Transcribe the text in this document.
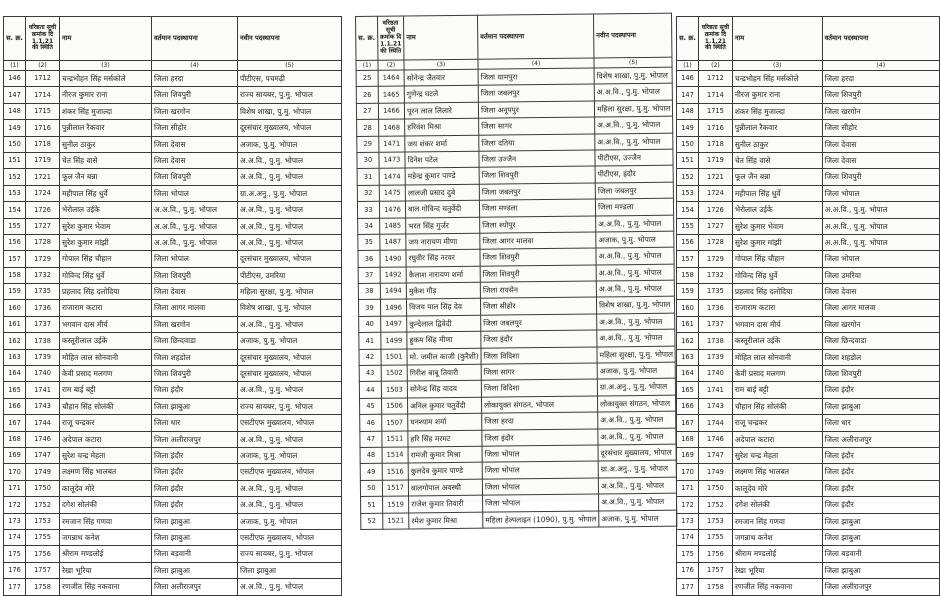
स. क्र.	वरिष्ठता सूची क्रमांक दि 1.1.21 की स्थिति	नाम	वर्तमान पदस्थापना	नवीन पदस्थापना
(1)	(2)	(3)	(4)	(5)
146	1712	चन्द्रभोहन सिंह मर्सकोले	जिला हरदा	पीटीएस, पचमढ़ी
147	1714	नीरज कुमार राना	जिला शिवपुरी	राज्य सायबर, पु.मु. भोपाल
148	1715	शंकर सिंह मुजाल्दा	जिला खरगोन	विशेष शाखा, पु.मु. भोपाल
149	1716	पुन्नीलाल रैकवार	जिला सीहोर	दूरसंचार मुख्यालय, भोपाल
150	1718	सुनील ठाकुर	जिला देवास	अजाक, पु.मु. भोपाल
151	1719	चेत सिंह वासे	जिला देवास	अ.अ.वि., पु.मु. भोपाल
152	1721	फूल जैन बन्ना	जिला शिवपुरी	अ.अ.वि., पु.मु. भोपाल
153	1724	महीपाल सिंह धुर्वे	जिला भोपाल	ग्रा.अ.अनु., पु.मु. भोपाल
154	1726	भेरोलाल उईके	अ.अ.वि., पु.मु. भोपाल	अ.अ.वि., पु.मु. भोपाल
155	1727	सुरेश कुमार भेवाम	अ.अ.वि., पु.मु. भोपाल	अ.अ.वि., पु.मु. भोपाल
156	1728	सुरेश कुमार मांझी	अ.अ.वि., पु.मु. भोपाल	अ.अ.वि., पु.मु. भोपाल
157	1729	गोपाल सिंह चौहान	जिला भोपाल	दूरसंचार मुख्यालय, भोपाल
158	1732	गोविन्द सिंह धुर्वे	जिला शिवपुरी	पीटीएस, उमरिया
159	1735	प्रहलाद सिंह दलोदिया	जिला देवास	महिला सुरक्षा, पु.मु. भोपाल
160	1736	राजाराम कटारा	जिला आगर मालवा	विशेष शाखा, पु.मु. भोपाल
161	1737	भगवान दास मीर्य	जिला खरगोन	अ.अ.वि., पु.मु. भोपाल
162	1738	कस्तूरीलाल उईके	जिला छिन्दवाडा	अजाक, पु.मु. भोपाल
163	1739	मोहित लाल सोनवानी	जिला शहडोल	दूरसंचार मुख्यालय, भोपाल
164	1740	केवी प्रसाद मलगण	जिला शिवपुरी	दूरसंचार मुख्यालय, भोपाल
165	1741	राम बाई बट्टी	जिला इंदौर	अ.अ.वि., पु.मु. भोपाल
166	1743	चौहान सिंह सोलंकी	जिला झाबुआ	राज्य सायबर, पु.मु. भोपाल
167	1744	राजू चन्द्रकर	जिला धार	एसटीएफ मुख्यालय, भोपाल
168	1746	अदेपाल कटारा	जिला अलीराजपुर	अ.अ.वि., पु.मु. भोपाल
169	1747	सुरेश चन्द्र मेहता	जिला इंदौर	अजाक, पु.मु. भोपाल
170	1749	लक्ष्मण सिंह भालबत	जिला इंदौर	एसटीएफ मुख्यालय, भोपाल
171	1750	कालूदेव मोरे	जिला इंदौर	अ.अ.वि., पु.मु. भोपाल
172	1752	दगेश सोलंकी	जिला इंदौर	अ.अ.वि., पु.मु. भोपाल
173	1753	रमजान सिंह गणवा	जिला झाबुआ	अजाक, पु.मु. भोपाल
174	1755	जगन्नाथ कनेश	जिला झाबुआ	एसटीएफ मुख्यालय, भोपाल
175	1756	श्रीराम मण्डलोई	जिला बड़वानी	राज्य सायबर, पु.मु. भोपाल
176	1757	रेखा भूरिया	जिला झाबुआ	जिला झाबुआ
177	1758	रणजीत सिंह नकवाना	जिला अलीराजपुर	अ.अ.वि., पु.मु. भोपाल
स. क्र.	वरिष्ठता सूची क्रमांक दि 1.1.21 की स्थिति	नाम	वर्तमान पदस्थापना	नवीन पदस्थापना
(1)	(2)	(3)	(4)	(5)
25	1464	सोनेन्द्र जैतवार	जिला धामपुरा	विशेष शाखा, पु.मु. भोपाल
26	1465	गुणेन्द्र घटले	जिला जबलपुर	अ.अ.वि., पु.मु. भोपाल
27	1466	पूरन लाल लिलारे	जिला अनूपपुर	महिला सुरक्षा, पु.मु. भोपाल
28	1468	हरिवंश मिश्रा	जिला सागर	अ.अ.वि., पु.मु. भोपाल
29	1471	जय शंकर शर्मा	जिला दतिया	अ.अ.वि., पु.मु. भोपाल
30	1473	दिनेश पटेल	जिला उज्जैन	पीटीएस, उज्जैन
31	1474	महेन्द्र कुमार पाण्डे	जिला शिवपुरी	पीटीएस, इंदौर
32	1475	लालजी प्रसाद दुबे	जिला जबलपुर	जिला जबलपुर
33	1476	बाल गोविन्द चतुर्वेदी	जिला मण्डला	जिला मण्डला
34	1485	भरत सिंह गुर्जर	जिला श्योपुर	अ.अ.वि., पु.मु. भोपाल
35	1487	जय नारायण मीणा	जिला आगर मालवा	अजाक, पु.मु. भोपाल
36	1490	रघुवीर सिंह नरवर	जिला शिवपुरी	अ.अ.वि., पु.मु. भोपाल
37	1492	कैलाश नारायण शर्मा	जिला शिवपुरी	अ.अ.वि., पु.मु. भोपाल
38	1494	मुकेश गौड़	जिला रायसेन	अ.अ.वि., पु.मु. भोपाल
39	1496	विजय पाल सिंह देव	जिला सीहोर	विशेष शाखा, पु.मु. भोपाल
40	1497	कुन्देलाल द्विवेदी	जिला जबलपुर	अ.अ.वि., पु.मु. भोपाल
41	1499	हुकम सिंह मीणा	जिला इंदौर	अ.अ.वि., पु.मु. भोपाल
42	1501	मो. जमील काजी (कुरैशी)	जिला विदिशा	महिला सुरक्षा, पु.मु. भोपाल
43	1502	गिरीश बाबू तिवारी	जिला सागर	अजाक, पु.मु. भोपाल
44	1503	सोनेन्द्र सिंह यादव	जिला विदिशा	ग्रा.अ.अनु., पु.मु. भोपाल
45	1506	अनिल कुमार चतुर्वेदी	लोकायुक्त संगठन, भोपाल	लोकायुक्त संगठन, भोपाल
46	1507	घनश्याम शर्मा	जिला हरदा	अ.अ.वि., पु.मु. भोपाल
47	1511	हरि सिंह मरमट	जिला इंदौर	अ.अ.वि., पु.मु. भोपाल
48	1514	रामजी कुमार मिश्रा	जिला भोपाल	दूरसंचार मुख्यालय, भोपाल
49	1516	कुलदेव कुमार पाण्डे	जिला भोपाल	ग्रा.अ.अनु., पु.मु. भोपाल
50	1517	बालगोपाल अवस्थी	जिला भोपाल	अ.अ.वि., पु.मु. भोपाल
51	1519	राजेश कुमार तिवारी	जिला भोपाल	अ.अ.वि., पु.मु. भोपाल
52	1521	रमेश कुमार मिश्रा	महिला हेल्पलाइन (1090), पु.मु. भोपाल	अजाक, पु.मु. भोपाल
स. क्र.	वरिष्ठता सूची क्रमांक दि 1.1.21 की स्थिति	नाम	वर्तमान पदस्थापना
(1)	(2)	(3)	(4)
146	1712	चन्द्रभोहन सिंह मर्सकोले	जिला हरदा
147	1714	नीरज कुमार राना	जिला शिवपुरी
148	1715	शंकर सिंह मुजाल्दा	जिला खरगोन
149	1716	पुन्नीलाल रैकवार	जिला सीहोर
150	1718	सुनील ठाकुर	जिला देवास
151	1719	चेत सिंह वासे	जिला देवास
152	1721	फूल जैन बन्ना	जिला शिवपुरी
153	1724	महीपाल सिंह धुर्वे	जिला भोपाल
154	1726	भेरोलाल उईके	अ.अ.वि., पु.मु. भोपाल
155	1727	सुरेश कुमार भेवाम	अ.अ.वि., पु.मु. भोपाल
156	1728	सुरेश कुमार मांझी	अ.अ.वि., पु.मु. भोपाल
157	1729	गोपाल सिंह चौहान	जिला भोपाल
158	1732	गोविन्द सिंह धुर्वे	जिला उमरिया
159	1735	प्रहलाद सिंह दलोदिया	जिला देवास
160	1736	राजाराम कटारा	जिला आगर मालवा
161	1737	भगवान दास मीर्य	जिला खरगोन
162	1738	कस्तूरीलाल उईके	जिला छिन्दवाडा
163	1739	मोहित लाल सोनवानी	जिला शहडोल
164	1740	केवी प्रसाद मलगण	जिला शिवपुरी
165	1741	राम बाई बट्टी	जिला इंदौर
166	1743	चौहान सिंह सोलंकी	जिला झाबुआ
167	1744	राजू चन्द्रकर	जिला धार
168	1746	अदेपाल कटारा	जिला अलीराजपुर
169	1747	सुरेश चन्द्र मेहता	जिला इंदौर
170	1749	लक्ष्मण सिंह भालबत	जिला इंदौर
171	1750	कालूदेव मोरे	जिला इंदौर
172	1752	दगेश सोलंकी	जिला इंदौर
173	1753	रमजान सिंह गणवा	जिला झाबुआ
174	1755	जगन्नाथ कनेश	जिला झाबुआ
175	1756	श्रीराम मण्डलोई	जिला बड़वानी
176	1757	रेखा भूरिया	जिला झाबुआ
177	1758	रणजीत सिंह नकवाना	जिला अलीराजपुर
